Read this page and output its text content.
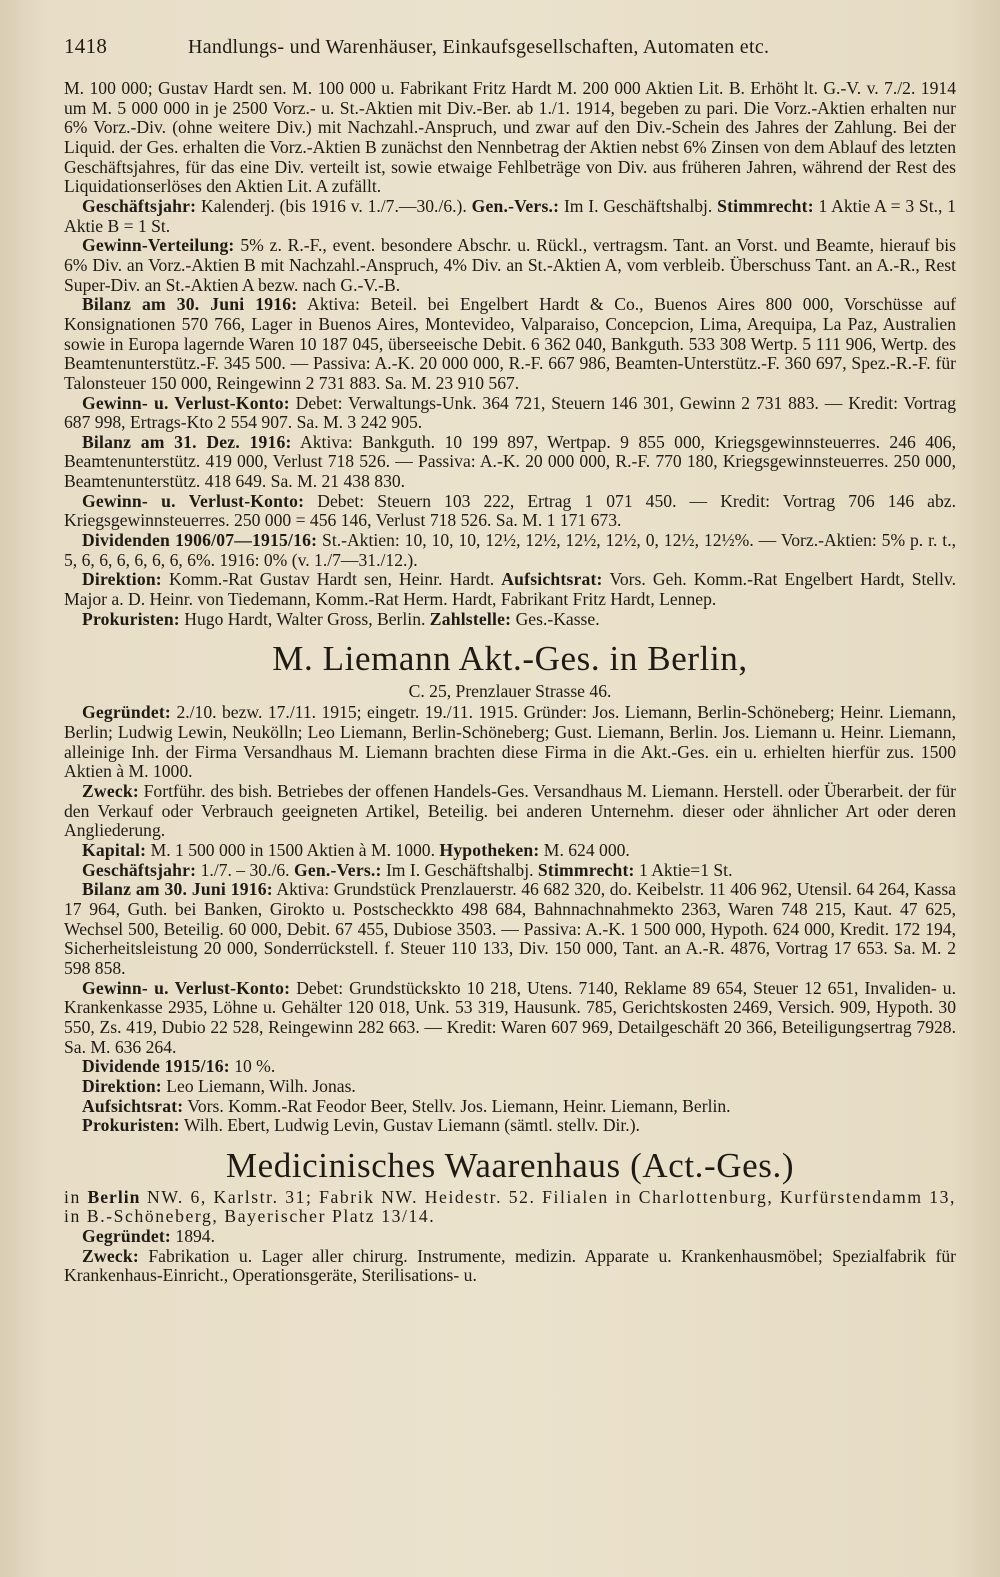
1418	Handlungs- und Warenhäuser, Einkaufsgesellschaften, Automaten etc.

M. 100 000; Gustav Hardt sen. M. 100 000 u. Fabrikant Fritz Hardt M. 200 000 Aktien Lit. B. Erhöht lt. G.-V. v. 7./2. 1914 um M. 5 000 000 in je 2500 Vorz.- u. St.-Aktien mit Div.-Ber. ab 1./1. 1914, begeben zu pari. Die Vorz.-Aktien erhalten nur 6% Vorz.-Div. (ohne weitere Div.) mit Nachzahl.-Anspruch, und zwar auf den Div.-Schein des Jahres der Zahlung. Bei der Liquid. der Ges. erhalten die Vorz.-Aktien B zunächst den Nennbetrag der Aktien nebst 6% Zinsen von dem Ablauf des letzten Geschäftsjahres, für das eine Div. verteilt ist, sowie etwaige Fehlbeträge von Div. aus früheren Jahren, während der Rest des Liquidationserlöses den Aktien Lit. A zufällt.

Geschäftsjahr: Kalenderj. (bis 1916 v. 1./7.—30./6.). Gen.-Vers.: Im I. Geschäftshalbj. Stimmrecht: 1 Aktie A = 3 St., 1 Aktie B = 1 St.

Gewinn-Verteilung: 5% z. R.-F., event. besondere Abschr. u. Rückl., vertragsm. Tant. an Vorst. und Beamte, hierauf bis 6% Div. an Vorz.-Aktien B mit Nachzahl.-Anspruch, 4% Div. an St.-Aktien A, vom verbleib. Überschuss Tant. an A.-R., Rest Super-Div. an St.-Aktien A bezw. nach G.-V.-B.

Bilanz am 30. Juni 1916: Aktiva: Beteil. bei Engelbert Hardt & Co., Buenos Aires 800 000, Vorschüsse auf Konsignationen 570 766, Lager in Buenos Aires, Montevideo, Valparaiso, Concepcion, Lima, Arequipa, La Paz, Australien sowie in Europa lagernde Waren 10 187 045, überseeische Debit. 6 362 040, Bankguth. 533 308 Wertp. 5 111 906, Wertp. des Beamtenunterstütz.-F. 345 500. — Passiva: A.-K. 20 000 000, R.-F. 667 986, Beamten-Unterstütz.-F. 360 697, Spez.-R.-F. für Talonsteuer 150 000, Reingewinn 2 731 883. Sa. M. 23 910 567.

Gewinn- u. Verlust-Konto: Debet: Verwaltungs-Unk. 364 721, Steuern 146 301, Gewinn 2 731 883. — Kredit: Vortrag 687 998, Ertrags-Kto 2 554 907. Sa. M. 3 242 905.

Bilanz am 31. Dez. 1916: Aktiva: Bankguth. 10 199 897, Wertpap. 9 855 000, Kriegsgewinnsteuerres. 246 406, Beamtenunterstütz. 419 000, Verlust 718 526. — Passiva: A.-K. 20 000 000, R.-F. 770 180, Kriegsgewinnsteuerres. 250 000, Beamtenunterstütz. 418 649. Sa. M. 21 438 830.

Gewinn- u. Verlust-Konto: Debet: Steuern 103 222, Ertrag 1 071 450. — Kredit: Vortrag 706 146 abz. Kriegsgewinnsteuerres. 250 000 = 456 146, Verlust 718 526. Sa. M. 1 171 673.

Dividenden 1906/07—1915/16: St.-Aktien: 10, 10, 10, 12½, 12½, 12½, 12½, 0, 12½, 12½%. — Vorz.-Aktien: 5% p. r. t., 5, 6, 6, 6, 6, 6, 6, 6%. 1916: 0% (v. 1./7—31./12.).

Direktion: Komm.-Rat Gustav Hardt sen, Heinr. Hardt. Aufsichtsrat: Vors. Geh. Komm.-Rat Engelbert Hardt, Stellv. Major a. D. Heinr. von Tiedemann, Komm.-Rat Herm. Hardt, Fabrikant Fritz Hardt, Lennep.

Prokuristen: Hugo Hardt, Walter Gross, Berlin. Zahlstelle: Ges.-Kasse.

M. Liemann Akt.-Ges. in Berlin,
C. 25, Prenzlauer Strasse 46.

Gegründet: 2./10. bezw. 17./11. 1915; eingetr. 19./11. 1915. Gründer: Jos. Liemann, Berlin-Schöneberg; Heinr. Liemann, Berlin; Ludwig Lewin, Neukölln; Leo Liemann, Berlin-Schöneberg; Gust. Liemann, Berlin. Jos. Liemann u. Heinr. Liemann, alleinige Inh. der Firma Versandhaus M. Liemann brachten diese Firma in die Akt.-Ges. ein u. erhielten hierfür zus. 1500 Aktien à M. 1000.

Zweck: Fortführ. des bish. Betriebes der offenen Handels-Ges. Versandhaus M. Liemann. Herstell. oder Überarbeit. der für den Verkauf oder Verbrauch geeigneten Artikel, Beteilig. bei anderen Unternehm. dieser oder ähnlicher Art oder deren Angliederung.

Kapital: M. 1 500 000 in 1500 Aktien à M. 1000. Hypotheken: M. 624 000.

Geschäftsjahr: 1./7. – 30./6. Gen.-Vers.: Im I. Geschäftshalbj. Stimmrecht: 1 Aktie=1 St.

Bilanz am 30. Juni 1916: Aktiva: Grundstück Prenzlauerstr. 46 682 320, do. Keibelstr. 11 406 962, Utensil. 64 264, Kassa 17 964, Guth. bei Banken, Girokto u. Postscheckkto 498 684, Bahnnachnahmekto 2363, Waren 748 215, Kaut. 47 625, Wechsel 500, Beteilig. 60 000, Debit. 67 455, Dubiose 3503. — Passiva: A.-K. 1 500 000, Hypoth. 624 000, Kredit. 172 194, Sicherheitsleistung 20 000, Sonderrückstell. f. Steuer 110 133, Div. 150 000, Tant. an A.-R. 4876, Vortrag 17 653. Sa. M. 2 598 858.

Gewinn- u. Verlust-Konto: Debet: Grundstückskto 10 218, Utens. 7140, Reklame 89 654, Steuer 12 651, Invaliden- u. Krankenkasse 2935, Löhne u. Gehälter 120 018, Unk. 53 319, Hausunk. 785, Gerichtskosten 2469, Versich. 909, Hypoth. 30 550, Zs. 419, Dubio 22 528, Reingewinn 282 663. — Kredit: Waren 607 969, Detailgeschäft 20 366, Beteiligungsertrag 7928. Sa. M. 636 264.

Dividende 1915/16: 10 %.

Direktion: Leo Liemann, Wilh. Jonas.

Aufsichtsrat: Vors. Komm.-Rat Feodor Beer, Stellv. Jos. Liemann, Heinr. Liemann, Berlin.

Prokuristen: Wilh. Ebert, Ludwig Levin, Gustav Liemann (sämtl. stellv. Dir.).

Medicinisches Waarenhaus (Act.-Ges.)

in Berlin NW. 6, Karlstr. 31; Fabrik NW. Heidestr. 52. Filialen in Charlottenburg, Kurfürstendamm 13, in B.-Schöneberg, Bayerischer Platz 13/14.

Gegründet: 1894.

Zweck: Fabrikation u. Lager aller chirurg. Instrumente, medizin. Apparate u. Krankenhausmöbel; Spezialfabrik für Krankenhaus-Einricht., Operationsgeräte, Sterilisations- u.
